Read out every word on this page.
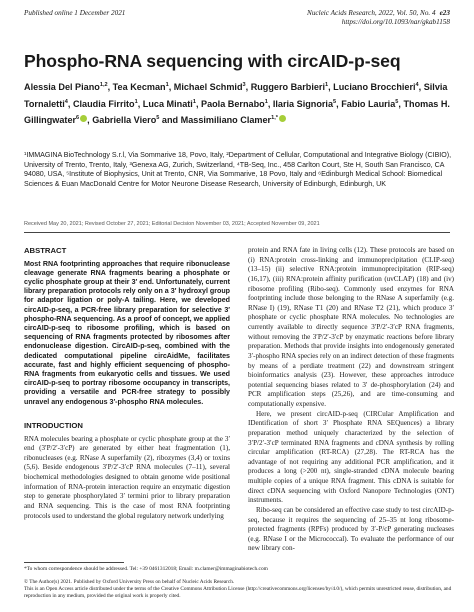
Published online 1 December 2021	Nucleic Acids Research, 2022, Vol. 50, No. 4 e23
https://doi.org/10.1093/nar/gkab1158
Phospho-RNA sequencing with circAID-p-seq
Alessia Del Piano$^{1,2}$, Tea Kecman$^1$, Michael Schmid$^3$, Ruggero Barbieri$^1$, Luciano Brocchieri$^4$, Silvia Tornaletti$^4$, Claudia Firrito$^1$, Luca Minati$^1$, Paola Bernabo$^1$, Ilaria Signoria$^5$, Fabio Lauria$^5$, Thomas H. Gillingwater$^6$ , Gabriella Viero$^5$ and Massimiliano Clamer$^{1,*}$
¹IMMAGINA BioTechnology S.r.l, Via Sommarive 18, Povo, Italy, ²Department of Cellular, Computational and Integrative Biology (CIBIO), University of Trento, Trento, Italy, ³Genexa AG, Zurich, Switzerland, ⁴TB-Seq, Inc., 458 Carlton Court, Ste H, South San Francisco, CA 94080, USA, ⁵Institute of Biophysics, Unit at Trento, CNR, Via Sommarive, 18 Povo, Italy and ⁶Edinburgh Medical School: Biomedical Sciences & Euan MacDonald Centre for Motor Neurone Disease Research, University of Edinburgh, Edinburgh, UK
Received May 20, 2021; Revised October 27, 2021; Editorial Decision November 03, 2021; Accepted November 09, 2021
ABSTRACT
Most RNA footprinting approaches that require ribonuclease cleavage generate RNA fragments bearing a phosphate or cyclic phosphate group at their 3′ end. Unfortunately, current library preparation protocols rely only on a 3′ hydroxyl group for adaptor ligation or poly-A tailing. Here, we developed circAID-p-seq, a PCR-free library preparation for selective 3′ phospho-RNA sequencing. As a proof of concept, we applied circAID-p-seq to ribosome profiling, which is based on sequencing of RNA fragments protected by ribosomes after endonuclease digestion. CircAID-p-seq, combined with the dedicated computational pipeline circAidMe, facilitates accurate, fast and highly efficient sequencing of phospho-RNA fragments from eukaryotic cells and tissues. We used circAID-p-seq to portray ribosome occupancy in transcripts, providing a versatile and PCR-free strategy to possibly unravel any endogenous 3′-phospho RNA molecules.
INTRODUCTION

RNA molecules bearing a phosphate or cyclic phosphate group at the 3′ end (3′P/2′-3′cP) are generated by either heat fragmentation (1), ribonucleases (e.g. RNase A superfamily (2), ribozymes (3,4) or toxins (5,6). Beside endogenous 3′P/2′-3′cP RNA molecules (7–11), several biochemical methodologies designed to obtain genome wide positional information of RNA-protein interaction require an enzymatic digestion step to generate phosphorylated 3′ termini prior to library preparation and RNA sequencing. This is the case of most RNA footprinting protocols used to understand the global regulatory network underlying

protein and RNA fate in living cells (12). These protocols are based on (i) RNA:protein cross-linking and immunoprecipitation (CLIP-seq) (13–15) (ii) selective RNA:protein immunoprecipitation (RIP-seq) (16,17), (iii) RNA:protein affinity purification (uvCLAP) (18) and (iv) ribosome profiling (Ribo-seq). Commonly used enzymes for RNA footprinting include those belonging to the RNase A superfamily (e.g. RNase I) (19), RNase T1 (20) and RNase T2 (21), which produce 3′ phosphate or cyclic phosphate RNA molecules. No technologies are currently available to directly sequence 3′P/2′-3′cP RNA fragments, without removing the 3′P/2′-3′cP by enzymatic reactions before library preparation. Methods that provide insights into endogenously generated 3′-phospho RNA species rely on an indirect detection of these fragments by means of a perdiate treatment (22) and downstream stringent bioinformatics analysis (23). However, these approaches introduce potential sequencing biases related to 3′ de-phosphorylation (24) and PCR amplification steps (25,26), and are time-consuming and computationally expensive.

Here, we present circAID-p-seq (CIRCular Amplification and IDentification of short 3′ Phosphate RNA SEQuences) a library preparation method uniquely characterized by the selection of 3′P/2′-3′cP terminated RNA fragments and cDNA synthesis by rolling circular amplification (RT-RCA) (27,28). The RT-RCA has the advantage of not requiring any additional PCR amplification, and it produces a long (>200 nt), single-stranded cDNA molecule bearing multiple copies of a unique RNA fragment. This cDNA is suitable for direct cDNA sequencing with Oxford Nanopore Technologies (ONT) instruments.

Ribo-seq can be considered an effective case study to test circAID-p-seq, because it requires the sequencing of 25–35 nt long ribosome-protected fragments (RPFs) produced by 3′-P/cP generating nucleases (e.g. RNase I or the Micrococcal). To evaluate the performance of our new library con-

*To whom correspondence should be addressed. Tel: +39 0461312018; Email: m.clamer@immaginabiotech.com
© The Author(s) 2021. Published by Oxford University Press on behalf of Nucleic Acids Research.
This is an Open Access article distributed under the terms of the Creative Commons Attribution License (http://creativecommons.org/licenses/by/4.0/), which permits unrestricted reuse, distribution, and reproduction in any medium, provided the original work is properly cited.
